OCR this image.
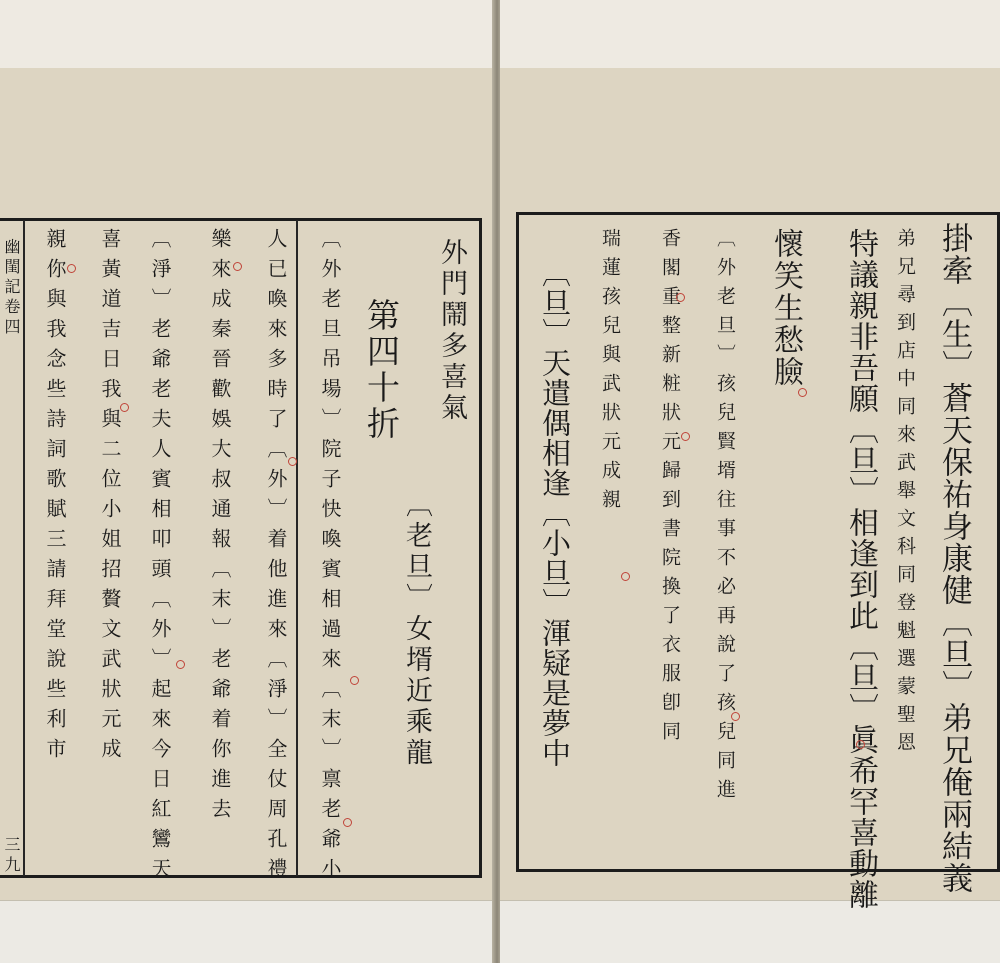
幽閨記卷四
三九
外門鬧多喜氣
〔老旦〕女壻近乘龍
第四十折
〔外老旦吊場〕院子快喚賓相過來〔末〕禀老爺小
人已喚來多時了〔外〕着他進來〔淨〕全仗周孔禮
樂來成秦晉歡娛大叔通報〔末〕老爺着你進去
〔淨〕老爺老夫人賓相叩頭〔外〕起來今日紅鸞天
喜黃道吉日我與二位小姐招贅文武狀元成
親你與我念些詩詞歌賦三請拜堂說些利市	掛牽〔生〕蒼天保祐身康健〔旦〕弟兄俺兩結義
弟兄尋到店中同來武舉文科同登魁選蒙聖恩
特議親非吾願〔旦〕相逢到此〔旦〕眞希罕喜動離
懷笑生愁臉
〔外老旦〕孩兒賢壻往事不必再說了孩兒同進
香閣重整新粧狀元歸到書院換了衣服卽同
瑞蓮孩兒與武狀元成親
〔旦〕天遣偶相逢〔小旦〕渾疑是夢中
